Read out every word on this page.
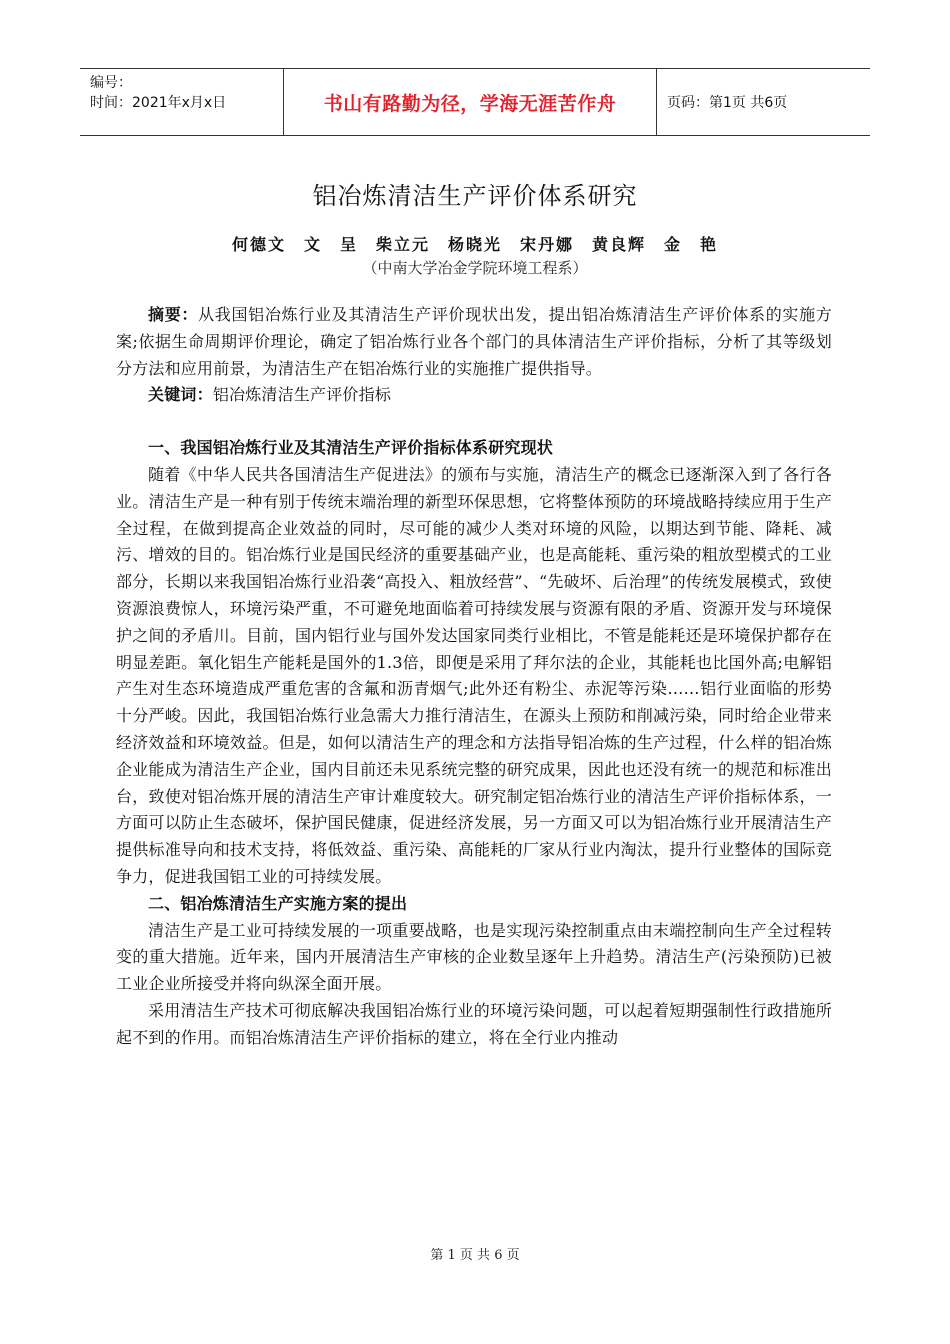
编号：
时间：2021年x月x日	书山有路勤为径，学海无涯苦作舟	页码：第1页 共6页
铝冶炼清洁生产评价体系研究
何德文　文　呈　柴立元　杨晓光　宋丹娜　黄良辉　金　艳
（中南大学冶金学院环境工程系）

摘要：从我国铝冶炼行业及其清洁生产评价现状出发，提出铝冶炼清洁生产评价体系的实施方案;依据生命周期评价理论，确定了铝冶炼行业各个部门的具体清洁生产评价指标，分析了其等级划分方法和应用前景，为清洁生产在铝冶炼行业的实施推广提供指导。

关键词：铝冶炼清洁生产评价指标

一、我国铝冶炼行业及其清洁生产评价指标体系研究现状

随着《中华人民共各国清洁生产促进法》的颁布与实施，清洁生产的概念已逐渐深入到了各行各业。清洁生产是一种有别于传统末端治理的新型环保思想，它将整体预防的环境战略持续应用于生产全过程，在做到提高企业效益的同时，尽可能的减少人类对环境的风险，以期达到节能、降耗、减污、增效的目的。铝冶炼行业是国民经济的重要基础产业，也是高能耗、重污染的粗放型模式的工业部分，长期以来我国铝冶炼行业沿袭“高投入、粗放经营”、“先破坏、后治理”的传统发展模式，致使资源浪费惊人，环境污染严重，不可避免地面临着可持续发展与资源有限的矛盾、资源开发与环境保护之间的矛盾川。目前，国内铝行业与国外发达国家同类行业相比，不管是能耗还是环境保护都存在明显差距。氧化铝生产能耗是国外的1.3倍，即便是采用了拜尔法的企业，其能耗也比国外高;电解铝产生对生态环境造成严重危害的含氟和沥青烟气;此外还有粉尘、赤泥等污染……铝行业面临的形势十分严峻。因此，我国铝冶炼行业急需大力推行清洁生，在源头上预防和削减污染，同时给企业带来经济效益和环境效益。但是，如何以清洁生产的理念和方法指导铝冶炼的生产过程，什么样的铝冶炼企业能成为清洁生产企业，国内目前还未见系统完整的研究成果，因此也还没有统一的规范和标准出台，致使对铝冶炼开展的清洁生产审计难度较大。研究制定铝冶炼行业的清洁生产评价指标体系，一方面可以防止生态破坏，保护国民健康，促进经济发展，另一方面又可以为铝冶炼行业开展清洁生产提供标准导向和技术支持，将低效益、重污染、高能耗的厂家从行业内淘汰，提升行业整体的国际竞争力，促进我国铝工业的可持续发展。

二、铝冶炼清洁生产实施方案的提出

清洁生产是工业可持续发展的一项重要战略，也是实现污染控制重点由末端控制向生产全过程转变的重大措施。近年来，国内开展清洁生产审核的企业数呈逐年上升趋势。清洁生产(污染预防)已被工业企业所接受并将向纵深全面开展。

采用清洁生产技术可彻底解决我国铝冶炼行业的环境污染问题，可以起着短期强制性行政措施所起不到的作用。而铝冶炼清洁生产评价指标的建立，将在全行业内推动

第 1 页 共 6 页
